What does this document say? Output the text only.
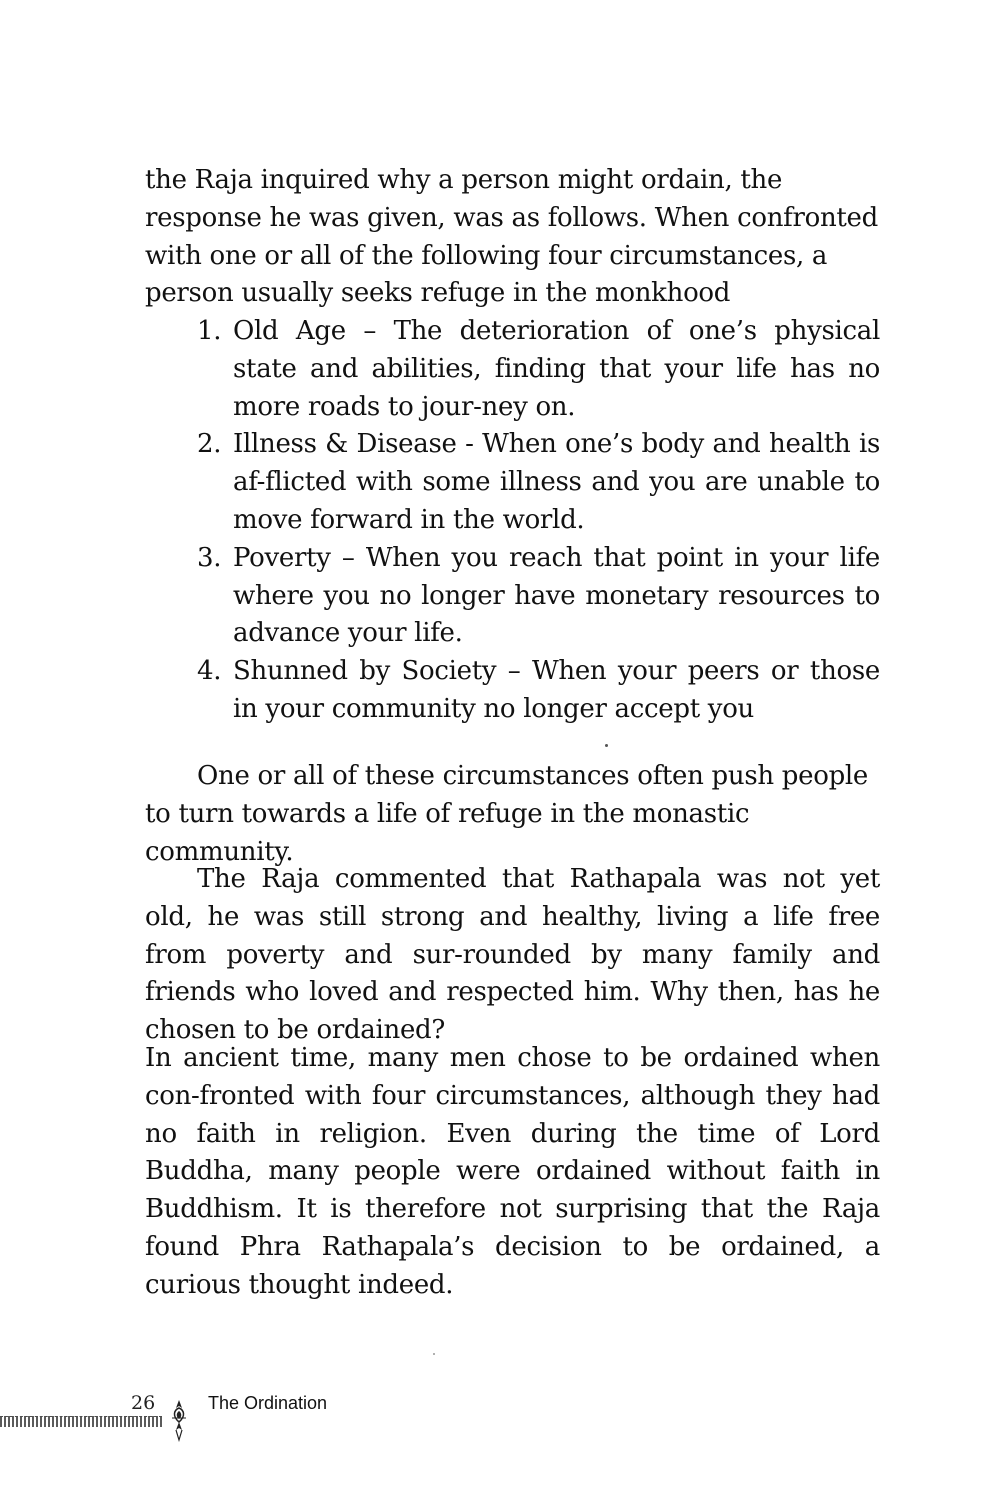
the Raja inquired why a person might ordain, the response he was given, was as follows. When confronted with one or all of the following four circumstances, a person usually seeks refuge in the monkhood

1. Old Age – The deterioration of one’s physical state and abilities, finding that your life has no more roads to jour-ney on.
2. Illness & Disease - When one’s body and health is af-flicted with some illness and you are unable to move forward in the world.
3. Poverty – When you reach that point in your life where you no longer have monetary resources to advance your life.
4. Shunned by Society – When your peers or those in your community no longer accept you

One or all of these circumstances often push people to turn towards a life of refuge in the monastic community.

The Raja commented that Rathapala was not yet old, he was still strong and healthy, living a life free from poverty and sur-rounded by many family and friends who loved and respected him. Why then, has he chosen to be ordained?

In ancient time, many men chose to be ordained when con-fronted with four circumstances, although they had no faith in religion. Even during the time of Lord Buddha, many people were ordained without faith in Buddhism. It is therefore not surprising that the Raja found Phra Rathapala’s decision to be ordained, a curious thought indeed.

26	The Ordination
